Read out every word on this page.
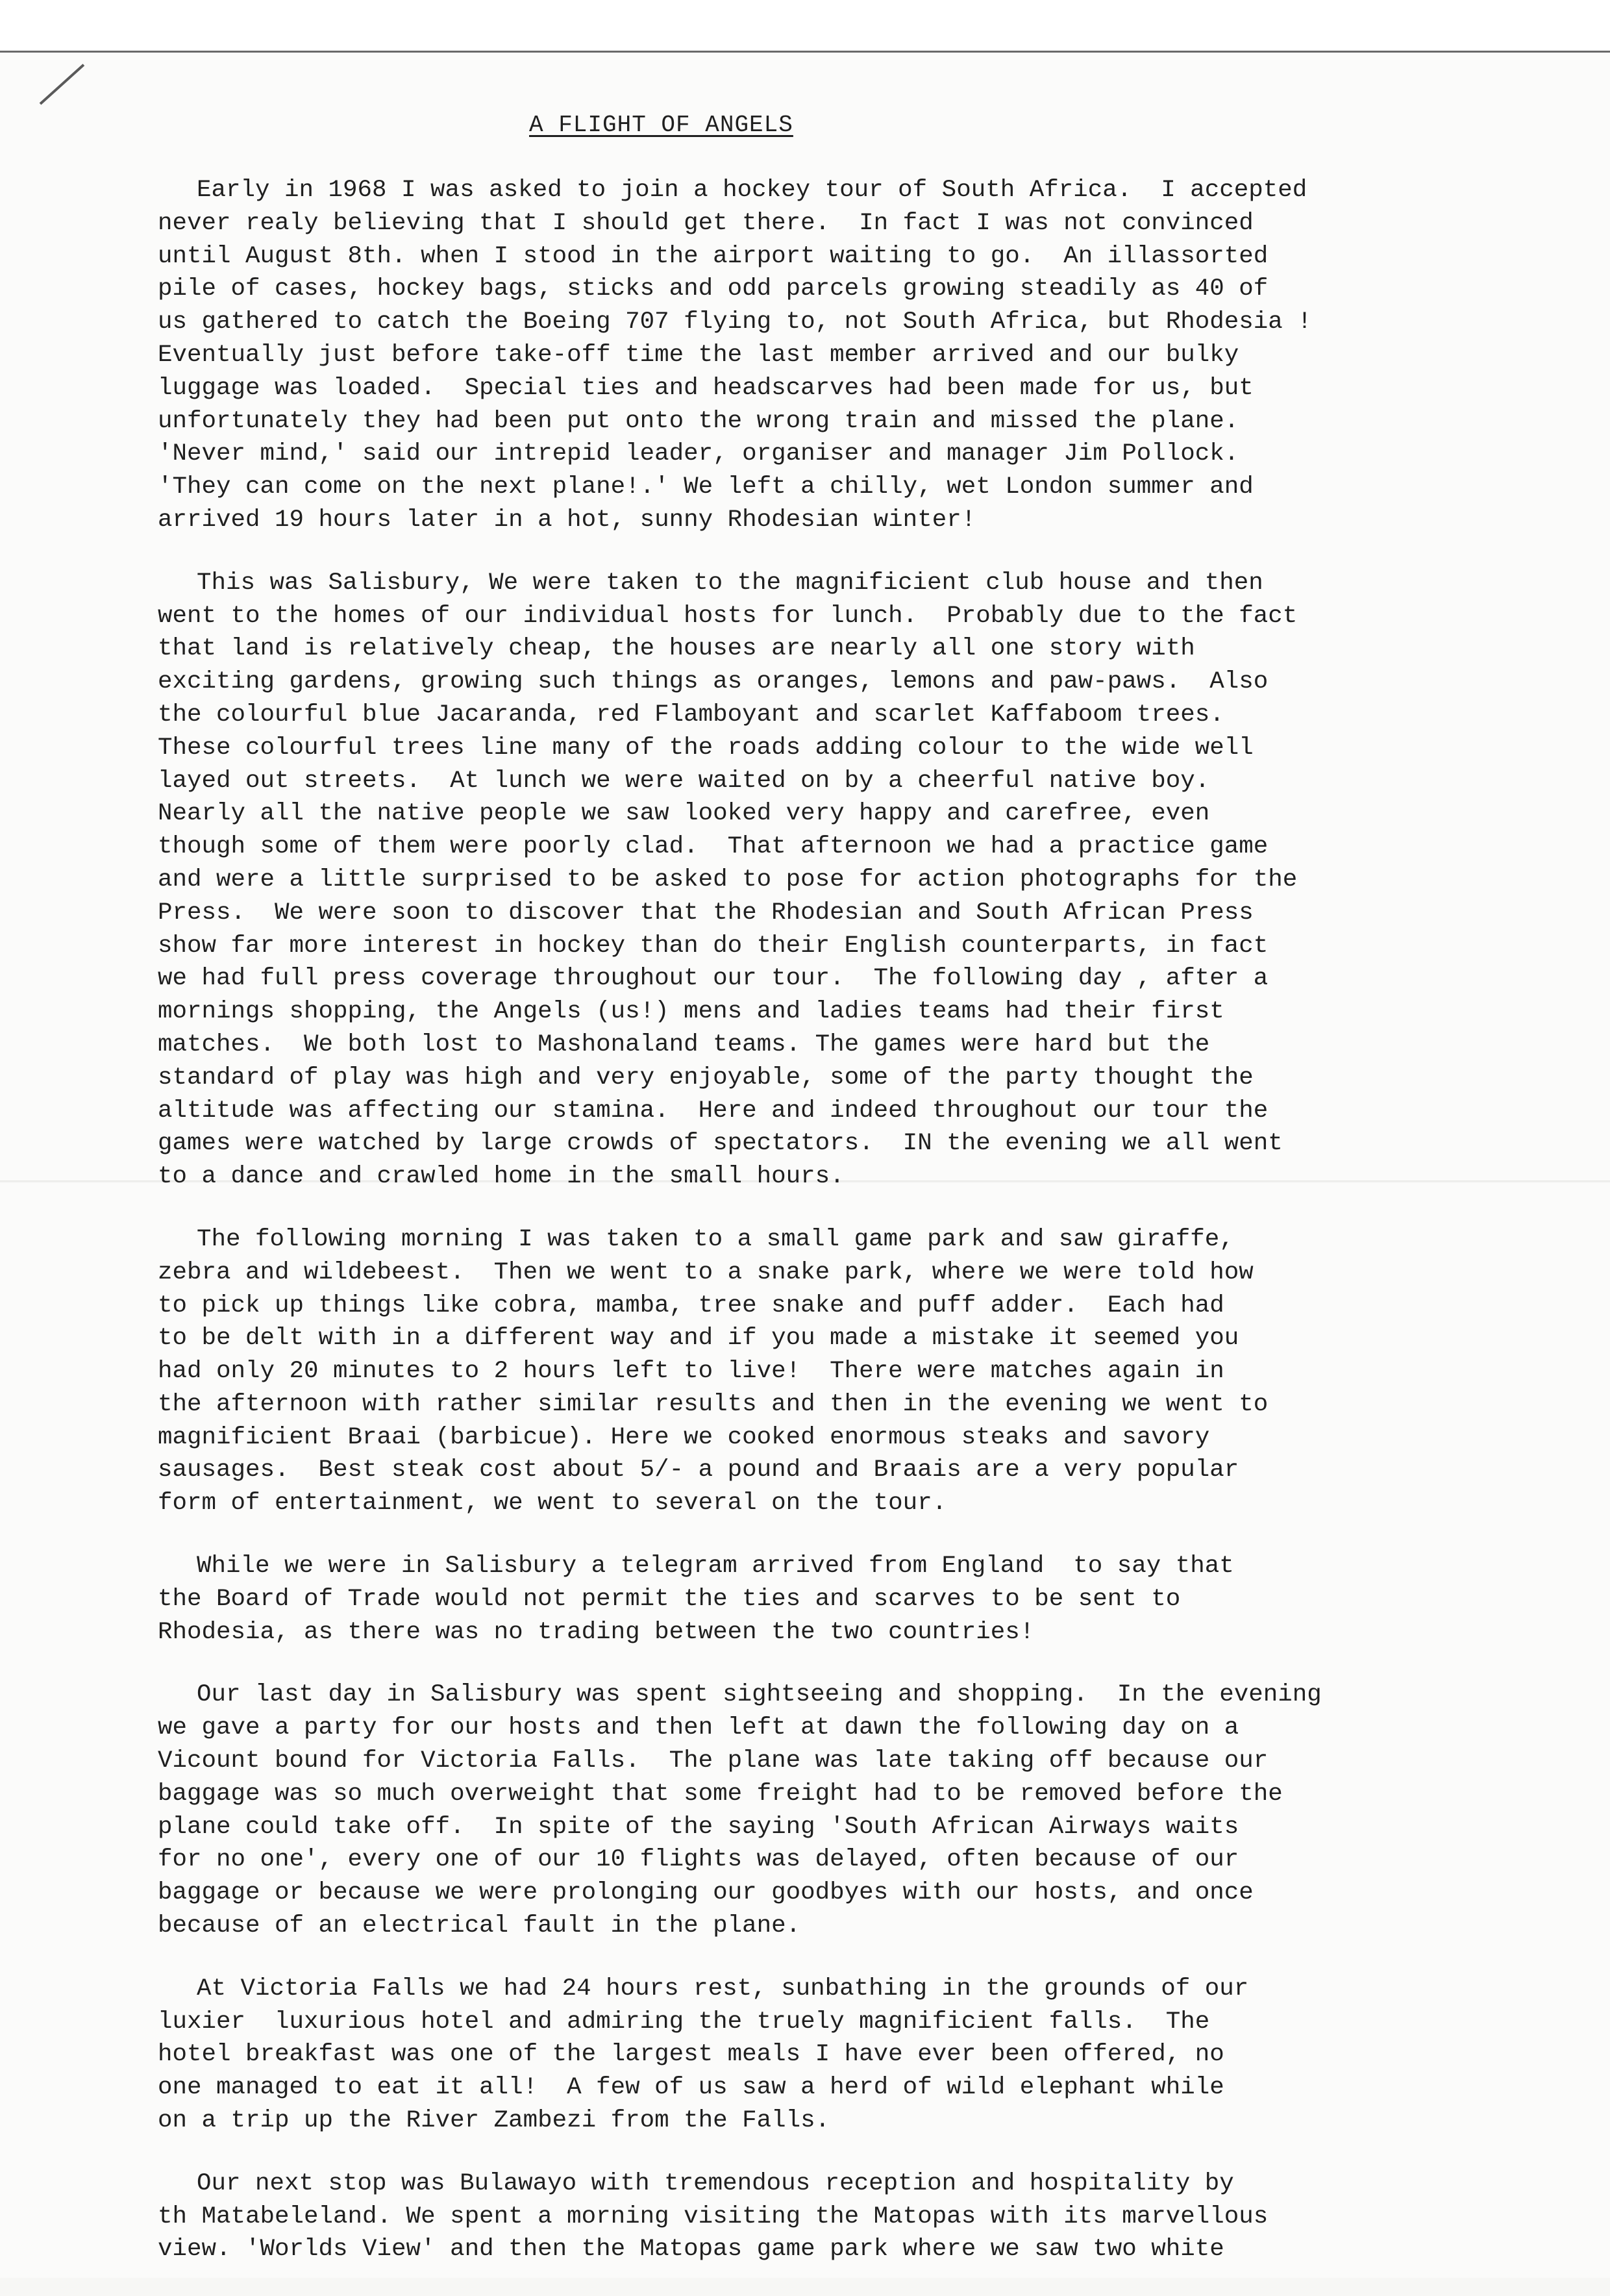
A FLIGHT OF ANGELS
Early in 1968 I was asked to join a hockey tour of South Africa.  I accepted
never realy believing that I should get there.  In fact I was not convinced
until August 8th. when I stood in the airport waiting to go.  An illassorted
pile of cases, hockey bags, sticks and odd parcels growing steadily as 40 of
us gathered to catch the Boeing 707 flying to, not South Africa, but Rhodesia !
Eventually just before take-off time the last member arrived and our bulky
luggage was loaded.  Special ties and headscarves had been made for us, but
unfortunately they had been put onto the wrong train and missed the plane.
'Never mind,' said our intrepid leader, organiser and manager Jim Pollock.
'They can come on the next plane!.' We left a chilly, wet London summer and
arrived 19 hours later in a hot, sunny Rhodesian winter!
This was Salisbury, We were taken to the magnificient club house and then
went to the homes of our individual hosts for lunch.  Probably due to the fact
that land is relatively cheap, the houses are nearly all one story with
exciting gardens, growing such things as oranges, lemons and paw-paws.  Also
the colourful blue Jacaranda, red Flamboyant and scarlet Kaffaboom trees.
These colourful trees line many of the roads adding colour to the wide well
layed out streets.  At lunch we were waited on by a cheerful native boy.
Nearly all the native people we saw looked very happy and carefree, even
though some of them were poorly clad.  That afternoon we had a practice game
and were a little surprised to be asked to pose for action photographs for the
Press.  We were soon to discover that the Rhodesian and South African Press
show far more interest in hockey than do their English counterparts, in fact
we had full press coverage throughout our tour.  The following day , after a
mornings shopping, the Angels (us!) mens and ladies teams had their first
matches.  We both lost to Mashonaland teams. The games were hard but the
standard of play was high and very enjoyable, some of the party thought the
altitude was affecting our stamina.  Here and indeed throughout our tour the
games were watched by large crowds of spectators.  IN the evening we all went
to a dance and crawled home in the small hours.
The following morning I was taken to a small game park and saw giraffe,
zebra and wildebeest.  Then we went to a snake park, where we were told how
to pick up things like cobra, mamba, tree snake and puff adder.  Each had
to be delt with in a different way and if you made a mistake it seemed you
had only 20 minutes to 2 hours left to live!  There were matches again in
the afternoon with rather similar results and then in the evening we went to
magnificient Braai (barbicue). Here we cooked enormous steaks and savory
sausages.  Best steak cost about 5/- a pound and Braais are a very popular
form of entertainment, we went to several on the tour.
While we were in Salisbury a telegram arrived from England  to say that
the Board of Trade would not permit the ties and scarves to be sent to
Rhodesia, as there was no trading between the two countries!
Our last day in Salisbury was spent sightseeing and shopping.  In the evening
we gave a party for our hosts and then left at dawn the following day on a
Vicount bound for Victoria Falls.  The plane was late taking off because our
baggage was so much overweight that some freight had to be removed before the
plane could take off.  In spite of the saying 'South African Airways waits
for no one', every one of our 10 flights was delayed, often because of our
baggage or because we were prolonging our goodbyes with our hosts, and once
because of an electrical fault in the plane.
At Victoria Falls we had 24 hours rest, sunbathing in the grounds of our
luxier  luxurious hotel and admiring the truely magnificient falls.  The
hotel breakfast was one of the largest meals I have ever been offered, no
one managed to eat it all!  A few of us saw a herd of wild elephant while
on a trip up the River Zambezi from the Falls.
Our next stop was Bulawayo with tremendous reception and hospitality by
th Matabeleland. We spent a morning visiting the Matopas with its marvellous
view. 'Worlds View' and then the Matopas game park where we saw two white
